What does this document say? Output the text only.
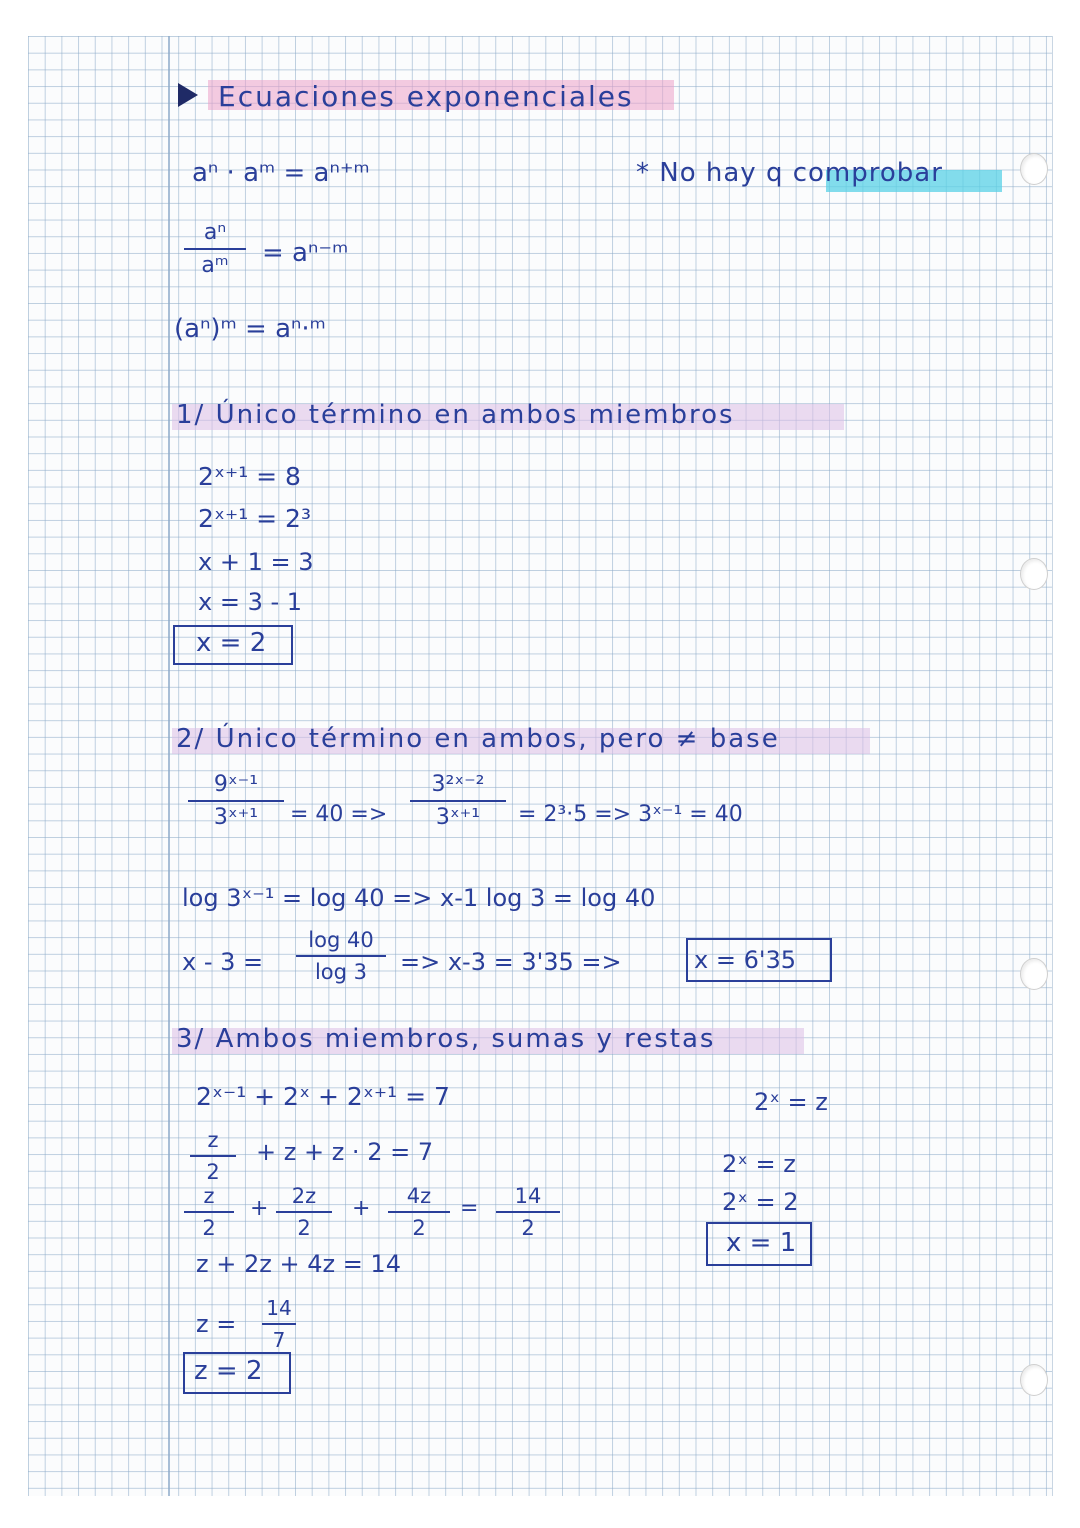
Ecuaciones exponenciales
* No hay q comprobar
aⁿ · aᵐ = aⁿ⁺ᵐ
aⁿ
aᵐ = aⁿ⁻ᵐ
(aⁿ)ᵐ = aⁿ·ᵐ
1/ Único término en ambos miembros
2ˣ⁺¹ = 8
2ˣ⁺¹ = 2³
x + 1 = 3
x = 3 - 1
x = 2
2/ Único término en ambos, pero ≠ base
9ˣ⁻¹
3ˣ⁺¹ = 40 =>
3²ˣ⁻²
3ˣ⁺¹ = 2³·5 => 3ˣ⁻¹ = 40
log 3ˣ⁻¹ = log 40 => x-1 log 3 = log 40
x - 3 =
log 40
log 3 => x-3 = 3'35 =>	x = 6'35
3/ Ambos miembros, sumas y restas
2ˣ⁻¹ + 2ˣ + 2ˣ⁺¹ = 7
z
2
+ z + z · 2 = 7
z
2
+ 2z
2
+ 4z
2
= 14
2
z + 2z + 4z = 14
z =
14
7
z = 2
2ˣ = z
2ˣ = z
2ˣ = 2
x = 1
